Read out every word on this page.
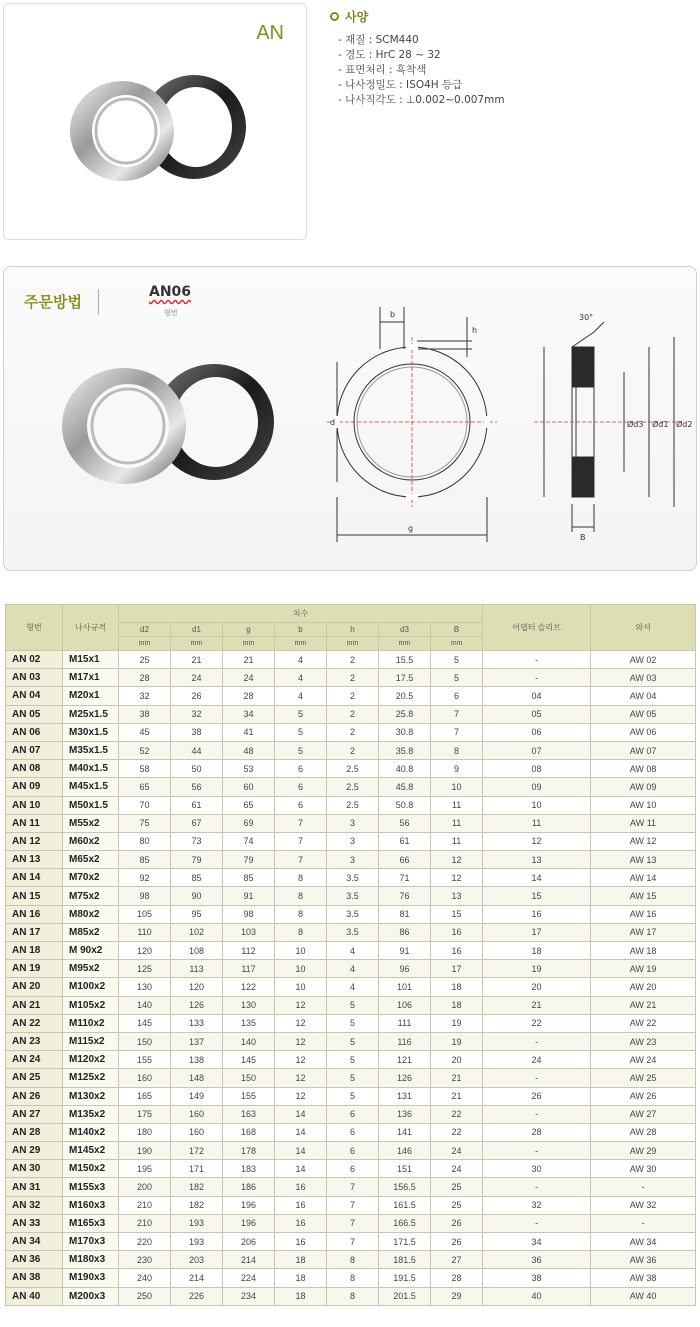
AN
사양
- 재질 : SCM440
- 경도 : HrC 28 ~ 32
- 표면처리 : 흑착색
- 나사정밀도 : ISO4H 등급
- 나사직각도 : ⊥0.002~0.007mm
주문방법
AN06
형번	b
h
d
g
30°
Ød3 Ød1 Ød2
B
형번	나사규격	치수							어댑터 슬리브	와셔
		d2	d1	g	b	h	d3	B		
		mm	mm	mm	mm	mm	mm	mm		
AN 02	M15x1	25	21	21	4	2	15.5	5	-	AW 02
AN 03	M17x1	28	24	24	4	2	17.5	5	-	AW 03
AN 04	M20x1	32	26	28	4	2	20.5	6	04	AW 04
AN 05	M25x1.5	38	32	34	5	2	25.8	7	05	AW 05
AN 06	M30x1.5	45	38	41	5	2	30.8	7	06	AW 06
AN 07	M35x1.5	52	44	48	5	2	35.8	8	07	AW 07
AN 08	M40x1.5	58	50	53	6	2.5	40.8	9	08	AW 08
AN 09	M45x1.5	65	56	60	6	2.5	45.8	10	09	AW 09
AN 10	M50x1.5	70	61	65	6	2.5	50.8	11	10	AW 10
AN 11	M55x2	75	67	69	7	3	56	11	11	AW 11
AN 12	M60x2	80	73	74	7	3	61	11	12	AW 12
AN 13	M65x2	85	79	79	7	3	66	12	13	AW 13
AN 14	M70x2	92	85	85	8	3.5	71	12	14	AW 14
AN 15	M75x2	98	90	91	8	3.5	76	13	15	AW 15
AN 16	M80x2	105	95	98	8	3.5	81	15	16	AW 16
AN 17	M85x2	110	102	103	8	3.5	86	16	17	AW 17
AN 18	M 90x2	120	108	112	10	4	91	16	18	AW 18
AN 19	M95x2	125	113	117	10	4	96	17	19	AW 19
AN 20	M100x2	130	120	122	10	4	101	18	20	AW 20
AN 21	M105x2	140	126	130	12	5	106	18	21	AW 21
AN 22	M110x2	145	133	135	12	5	111	19	22	AW 22
AN 23	M115x2	150	137	140	12	5	116	19	-	AW 23
AN 24	M120x2	155	138	145	12	5	121	20	24	AW 24
AN 25	M125x2	160	148	150	12	5	126	21	-	AW 25
AN 26	M130x2	165	149	155	12	5	131	21	26	AW 26
AN 27	M135x2	175	160	163	14	6	136	22	-	AW 27
AN 28	M140x2	180	160	168	14	6	141	22	28	AW 28
AN 29	M145x2	190	172	178	14	6	146	24	-	AW 29
AN 30	M150x2	195	171	183	14	6	151	24	30	AW 30
AN 31	M155x3	200	182	186	16	7	156.5	25	-	-
AN 32	M160x3	210	182	196	16	7	161.5	25	32	AW 32
AN 33	M165x3	210	193	196	16	7	166.5	26	-	-
AN 34	M170x3	220	193	206	16	7	171.5	26	34	AW 34
AN 36	M180x3	230	203	214	18	8	181.5	27	36	AW 36
AN 38	M190x3	240	214	224	18	8	191.5	28	38	AW 38
AN 40	M200x3	250	226	234	18	8	201.5	29	40	AW 40
